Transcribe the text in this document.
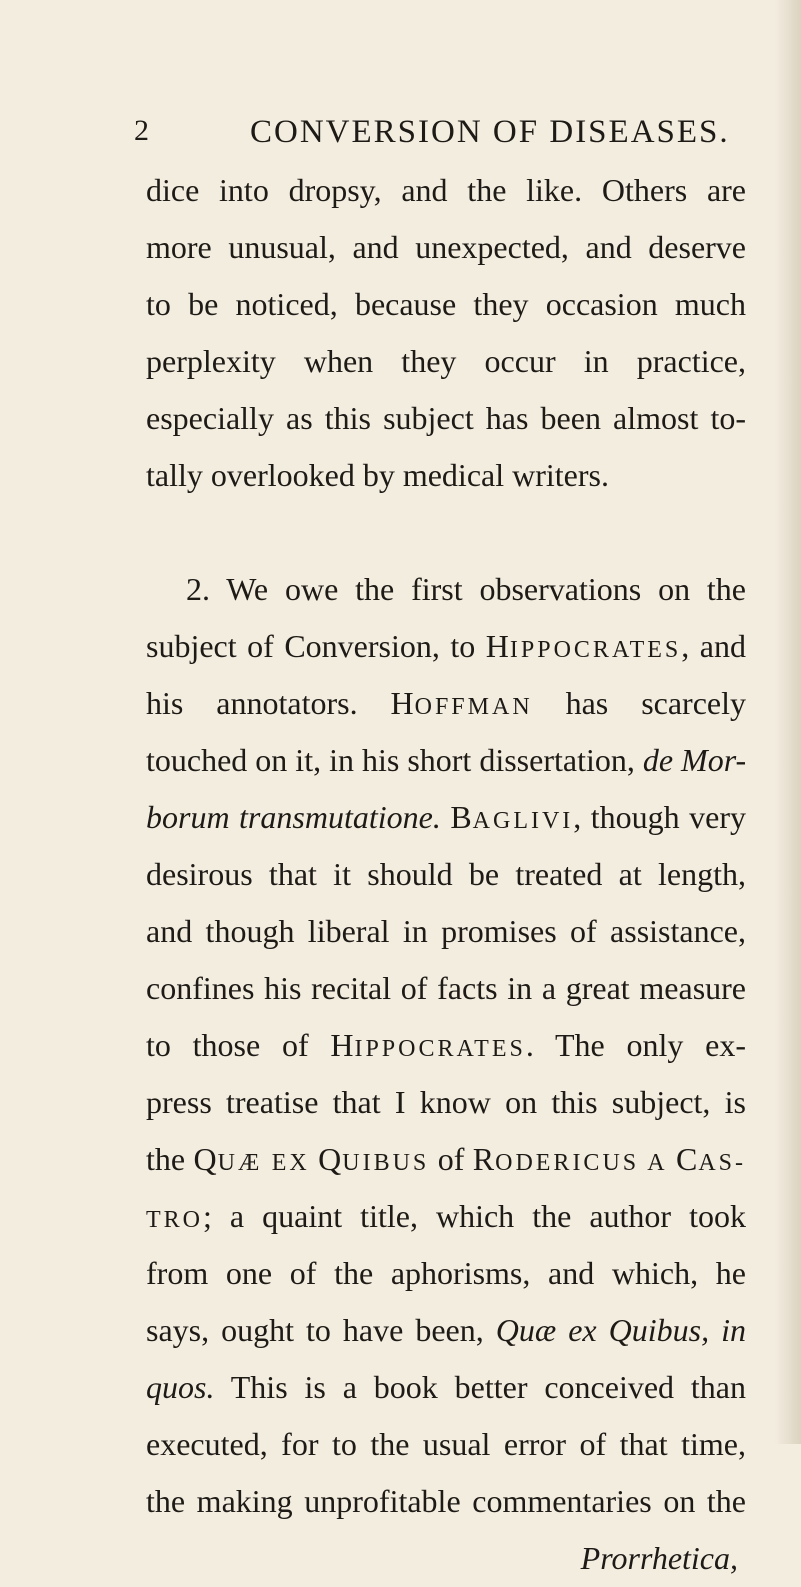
2	CONVERSION OF DISEASES.
dice into dropsy, and the like. Others are
more unusual, and unexpected, and deserve
to be noticed, because they occasion much
perplexity when they occur in practice,
especially as this subject has been almost to-
tally overlooked by medical writers.
2. We owe the first observations on the
subject of Conversion, to HIPPOCRATES, and
his annotators. HOFFMAN has scarcely
touched on it, in his short dissertation, de Mor-
borum transmutatione. BAGLIVI, though very
desirous that it should be treated at length,
and though liberal in promises of assistance,
confines his recital of facts in a great measure
to those of HIPPOCRATES. The only ex-
press treatise that I know on this subject, is
the QUÆ EX QUIBUS of RODERICUS A CAS-
TRO; a quaint title, which the author took
from one of the aphorisms, and which, he
says, ought to have been, Quæ ex Quibus, in
quos. This is a book better conceived than
executed, for to the usual error of that time,
the making unprofitable commentaries on the
Prorrhetica,
